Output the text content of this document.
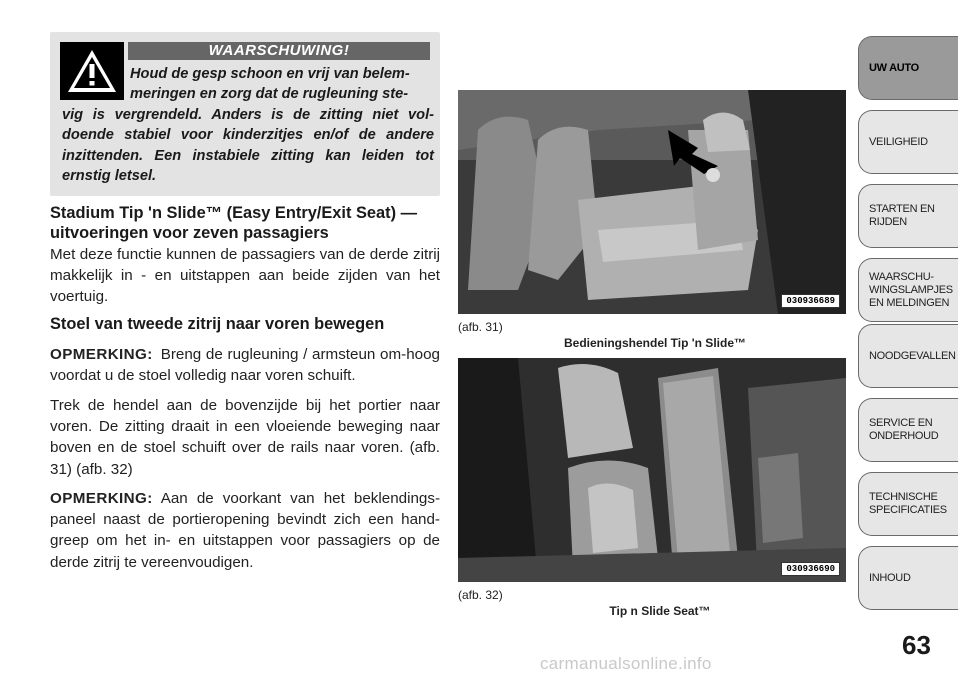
WAARSCHUWING!
Houd de gesp schoon en vrij van belem-
meringen en zorg dat de rugleuning ste-
vig is vergrendeld. Anders is de zitting niet vol-doende stabiel voor kinderzitjes en/of de andere inzittenden. Een instabiele zitting kan leiden tot ernstig letsel.
Stadium Tip 'n Slide™ (Easy Entry/Exit Seat) — uitvoeringen voor zeven passagiers
Met deze functie kunnen de passagiers van de derde zitrij makkelijk in - en uitstappen aan beide zijden van het voertuig.
Stoel van tweede zitrij naar voren bewegen
OPMERKING: Breng de rugleuning / armsteun om-hoog voordat u de stoel volledig naar voren schuift.
Trek de hendel aan de bovenzijde bij het portier naar voren. De zitting draait in een vloeiende beweging naar boven en de stoel schuift over de rails naar voren. (afb. 31) (afb. 32)
OPMERKING: Aan de voorkant van het beklendings-paneel naast de portieropening bevindt zich een hand-greep om het in- en uitstappen voor passagiers op de derde zitrij te vereenvoudigen.
030936689
(afb. 31)
Bedieningshendel Tip 'n Slide™
030936690
(afb. 32)
Tip n Slide Seat™
UW AUTO
VEILIGHEID
STARTEN EN
RIJDEN
WAARSCHU-
WINGSLAMPJES
EN MELDINGEN
NOODGEVALLEN
SERVICE EN
ONDERHOUD
TECHNISCHE
SPECIFICATIES
INHOUD
63
carmanualsonline.info
